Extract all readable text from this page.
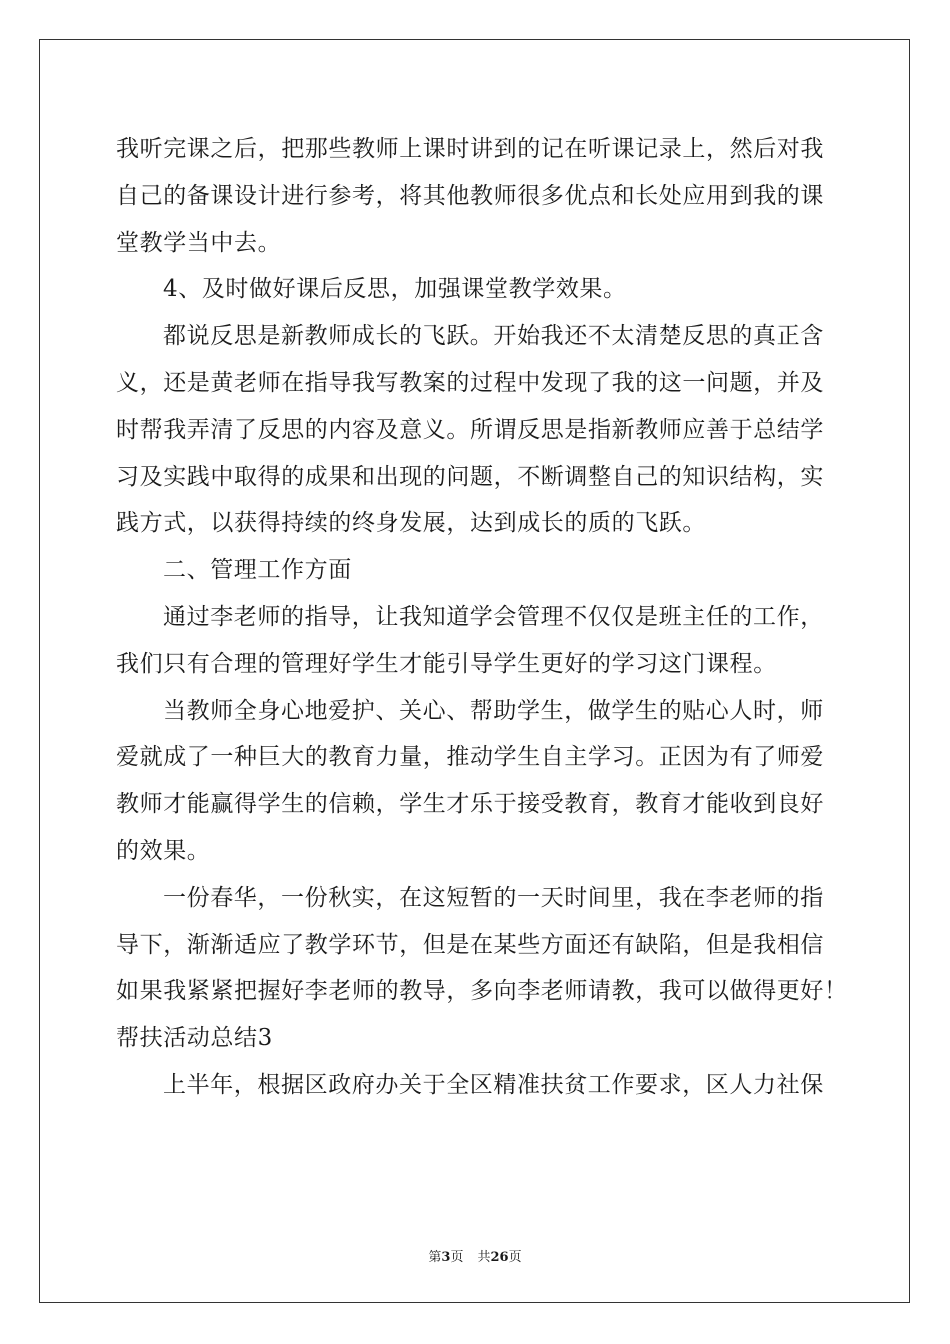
我听完课之后，把那些教师上课时讲到的记在听课记录上，然后对我
自己的备课设计进行参考，将其他教师很多优点和长处应用到我的课
堂教学当中去。
4、及时做好课后反思，加强课堂教学效果。
都说反思是新教师成长的飞跃。开始我还不太清楚反思的真正含
义，还是黄老师在指导我写教案的过程中发现了我的这一问题，并及
时帮我弄清了反思的内容及意义。所谓反思是指新教师应善于总结学
习及实践中取得的成果和出现的问题，不断调整自己的知识结构，实
践方式，以获得持续的终身发展，达到成长的质的飞跃。
二、管理工作方面
通过李老师的指导，让我知道学会管理不仅仅是班主任的工作，
我们只有合理的管理好学生才能引导学生更好的学习这门课程。
当教师全身心地爱护、关心、帮助学生，做学生的贴心人时，师
爱就成了一种巨大的教育力量，推动学生自主学习。正因为有了师爱
教师才能赢得学生的信赖，学生才乐于接受教育，教育才能收到良好
的效果。
一份春华，一份秋实，在这短暂的一天时间里，我在李老师的指
导下，渐渐适应了教学环节，但是在某些方面还有缺陷，但是我相信
如果我紧紧把握好李老师的教导，多向李老师请教，我可以做得更好！
帮扶活动总结3
上半年，根据区政府办关于全区精准扶贫工作要求，区人力社保
第3页 共26页
